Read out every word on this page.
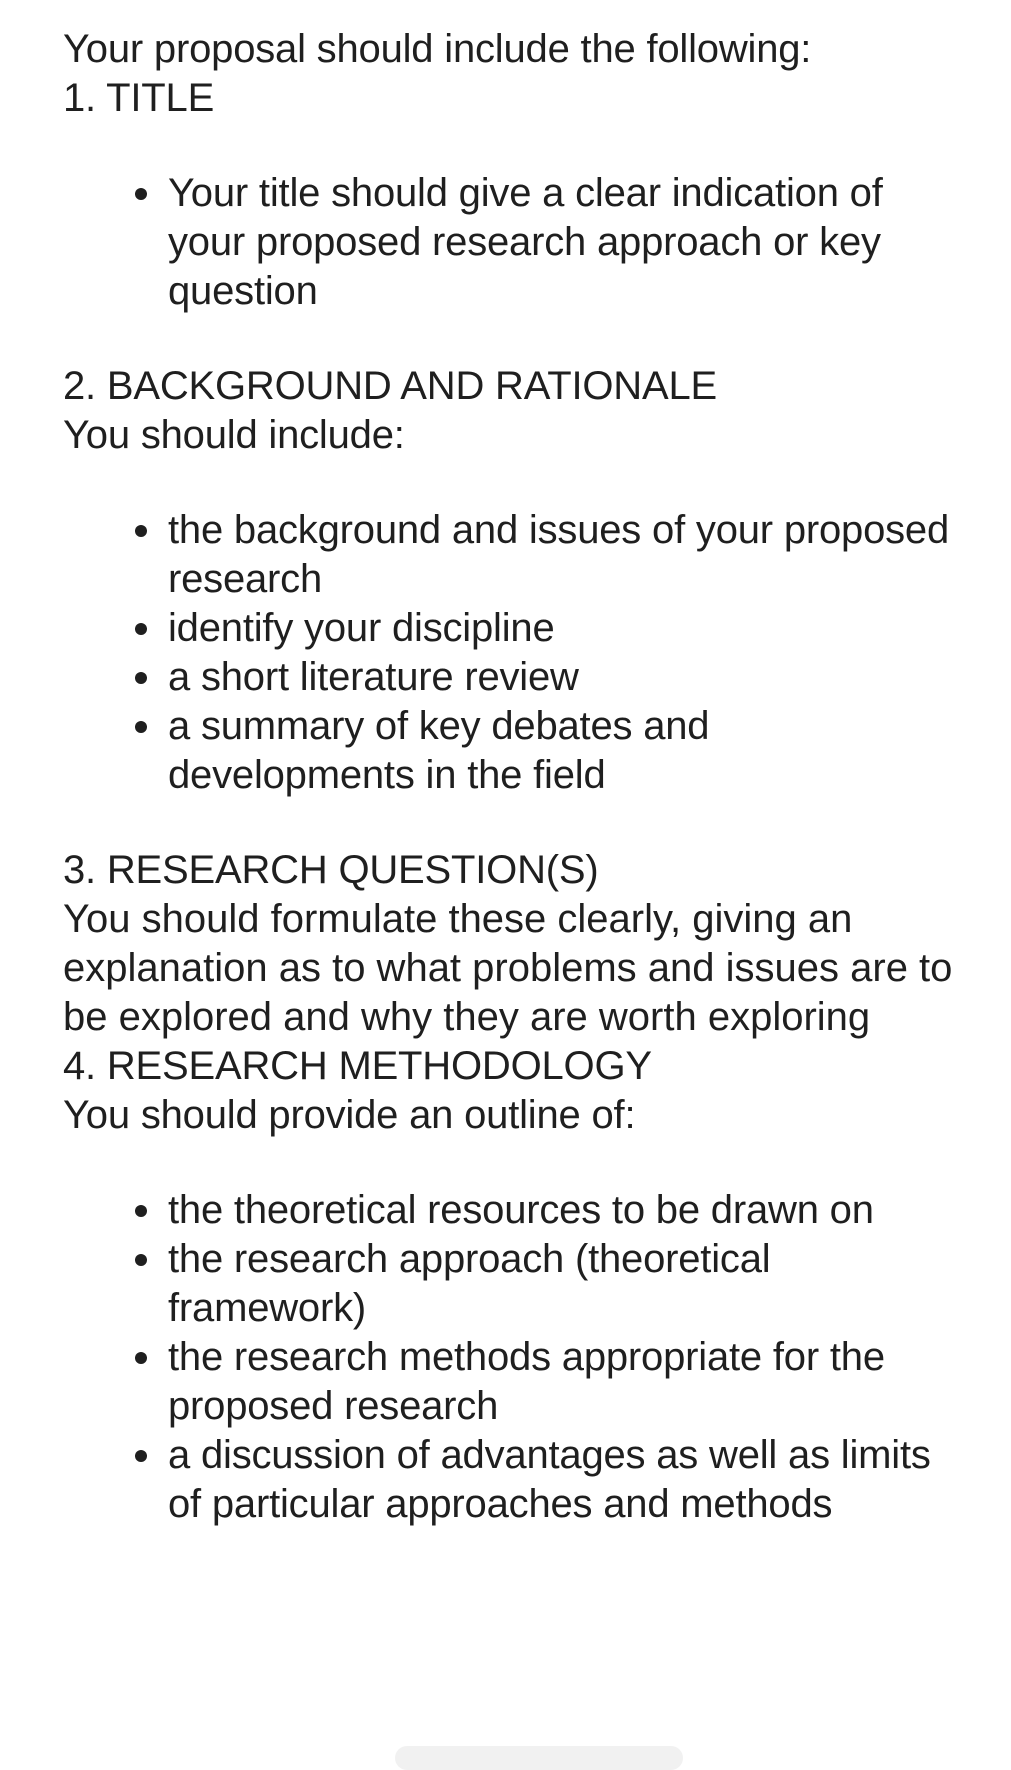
Your proposal should include the following:
1. TITLE
Your title should give a clear indication of your proposed research approach or key question
2. BACKGROUND AND RATIONALE
You should include:
the background and issues of your proposed research
identify your discipline
a short literature review
a summary of key debates and developments in the field
3. RESEARCH QUESTION(S)
You should formulate these clearly, giving an explanation as to what problems and issues are to be explored and why they are worth exploring
4. RESEARCH METHODOLOGY
You should provide an outline of:
the theoretical resources to be drawn on
the research approach (theoretical framework)
the research methods appropriate for the proposed research
a discussion of advantages as well as limits of particular approaches and methods
